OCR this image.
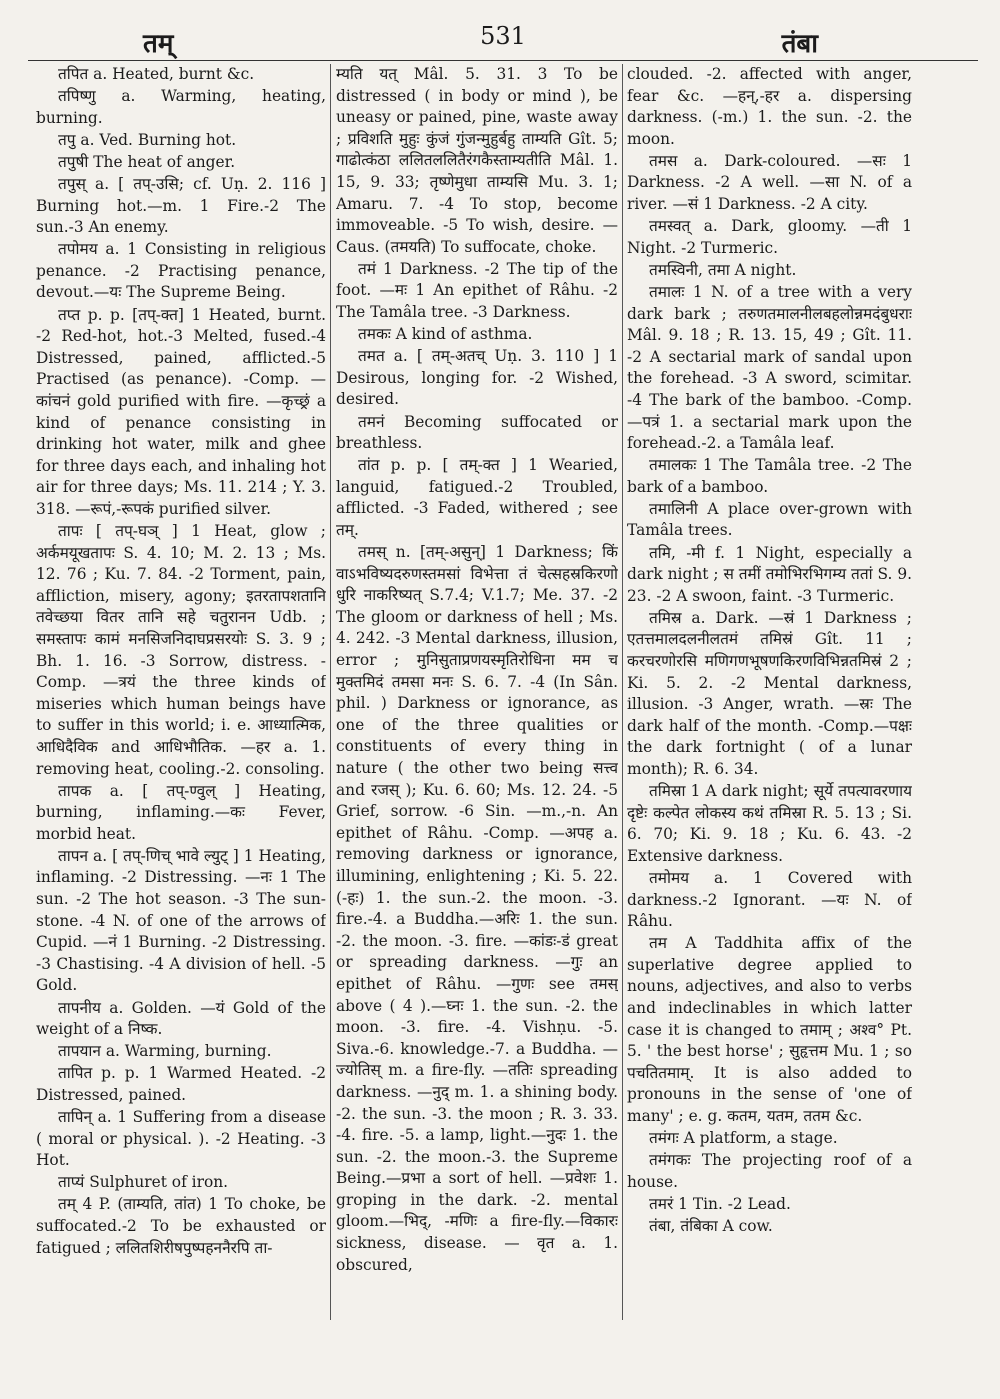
तम्	531	तंबा

तपित a. Heated, burnt &c.

तपिष्णु a. Warming, heating, burning.

तपु a. Ved. Burning hot.

तपुषी The heat of anger.

तपुस् a. [ तप्-उसि; cf. Uṇ. 2. 116 ] Burning hot.—m. 1 Fire.-2 The sun.-3 An enemy.

तपोमय a. 1 Consisting in religious penance. -2 Practising penance, devout.—यः The Supreme Being.

तप्त p. p. [तप्-क्त] 1 Heated, burnt. -2 Red-hot, hot.-3 Melted, fused.-4 Distressed, pained, afflicted.-5 Practised (as penance). -Comp. —कांचनं gold purified with fire. —कृच्छ्रं a kind of penance consisting in drinking hot water, milk and ghee for three days each, and inhaling hot air for three days; Ms. 11. 214 ; Y. 3. 318. —रूपं,-रूपकं purified silver.

तापः [ तप्-घञ् ] 1 Heat, glow ; अर्कमयूखतापः S. 4. 10; M. 2. 13 ; Ms. 12. 76 ; Ku. 7. 84. -2 Torment, pain, affliction, misery, agony; इतरतापशतानि तवेच्छया वितर तानि सहे चतुरानन Udb. ; समस्तापः कामं मनसिजनिदाघप्रसरयोः S. 3. 9 ; Bh. 1. 16. -3 Sorrow, distress. -Comp. —त्रयं the three kinds of miseries which human beings have to suffer in this world; i. e. आध्यात्मिक, आधिदैविक and आधिभौतिक. —हर a. 1. removing heat, cooling.-2. consoling.

तापक a. [ तप्-ण्वुल् ] Heating, burning, inflaming.—कः Fever, morbid heat.

तापन a. [ तप्-णिच् भावे ल्युट् ] 1 Heating, inflaming. -2 Distressing. —नः 1 The sun. -2 The hot season. -3 The sun-stone. -4 N. of one of the arrows of Cupid. —नं 1 Burning. -2 Distressing. -3 Chastising. -4 A division of hell. -5 Gold.

तापनीय a. Golden. —यं Gold of the weight of a निष्क.

तापयान a. Warming, burning.

तापित p. p. 1 Warmed Heated. -2 Distressed, pained.

तापिन् a. 1 Suffering from a disease ( moral or physical. ). -2 Heating. -3 Hot.

ताप्यं Sulphuret of iron.

तम् 4 P. (ताम्यति, तांत) 1 To choke, be suffocated.-2 To be exhausted or fatigued ; ललितशिरीषपुष्पहननैरपि ता-

म्यति यत् Mâl. 5. 31. 3 To be distressed ( in body or mind ), be uneasy or pained, pine, waste away ; प्रविशति मुहुः कुंजं गुंजन्मुहुर्बहु ताम्यति Gît. 5; गाढोत्कंठा ललितललितैरंगकैस्ताम्यतीति Mâl. 1. 15, 9. 33; तृष्णेमुधा ताम्यसि Mu. 3. 1; Amaru. 7. -4 To stop, become immoveable. -5 To wish, desire. — Caus. (तमयति) To suffocate, choke.

तमं 1 Darkness. -2 The tip of the foot. —मः 1 An epithet of Râhu. -2 The Tamâla tree. -3 Darkness.

तमकः A kind of asthma.

तमत a. [ तम्-अतच् Uṇ. 3. 110 ] 1 Desirous, longing for. -2 Wished, desired.

तमनं Becoming suffocated or breathless.

तांत p. p. [ तम्-क्त ] 1 Wearied, languid, fatigued.-2 Troubled, afflicted. -3 Faded, withered ; see तम्.

तमस् n. [तम्-असुन्] 1 Darkness; किं वाऽभविष्यदरुणस्तमसां विभेत्ता तं चेत्सहस्रकिरणो धुरि नाकरिष्यत् S.7.4; V.1.7; Me. 37. -2 The gloom or darkness of hell ; Ms. 4. 242. -3 Mental darkness, illusion, error ; मुनिसुताप्रणयस्मृतिरोधिना मम च मुक्तमिदं तमसा मनः S. 6. 7. -4 (In Sân. phil. ) Darkness or ignorance, as one of the three qualities or constituents of every thing in nature ( the other two being सत्त्व and रजस् ); Ku. 6. 60; Ms. 12. 24. -5 Grief, sorrow. -6 Sin. —m.,-n. An epithet of Râhu. -Comp. —अपह a. removing darkness or ignorance, illumining, enlightening ; Ki. 5. 22. (-हः) 1. the sun.-2. the moon. -3. fire.-4. a Buddha.—अरिः 1. the sun. -2. the moon. -3. fire. —कांडः-डं great or spreading darkness. —गुः an epithet of Râhu. —गुणः see तमस् above ( 4 ).—घ्नः 1. the sun. -2. the moon. -3. fire. -4. Vishṇu. -5. Siva.-6. knowledge.-7. a Buddha. —ज्योतिस् m. a fire-fly. —ततिः spreading darkness. —नुद् m. 1. a shining body. -2. the sun. -3. the moon ; R. 3. 33. -4. fire. -5. a lamp, light.—नुदः 1. the sun. -2. the moon.-3. the Supreme Being.—प्रभा a sort of hell. —प्रवेशः 1. groping in the dark. -2. mental gloom.—भिद्, -मणिः a fire-fly.—विकारः sickness, disease. — वृत a. 1. obscured,

clouded. -2. affected with anger, fear &c. —हन्,-हर a. dispersing darkness. (-m.) 1. the sun. -2. the moon.

तमस a. Dark-coloured. —सः 1 Darkness. -2 A well. —सा N. of a river. —सं 1 Darkness. -2 A city.

तमस्वत् a. Dark, gloomy. —ती 1 Night. -2 Turmeric.

तमस्विनी, तमा A night.

तमालः 1 N. of a tree with a very dark bark ; तरुणतमालनीलबहलोन्नमदंबुधराः Mâl. 9. 18 ; R. 13. 15, 49 ; Gît. 11. -2 A sectarial mark of sandal upon the forehead. -3 A sword, scimitar. -4 The bark of the bamboo. -Comp. —पत्रं 1. a sectarial mark upon the forehead.-2. a Tamâla leaf.

तमालकः 1 The Tamâla tree. -2 The bark of a bamboo.

तमालिनी A place over-grown with Tamâla trees.

तमि, -मी f. 1 Night, especially a dark night ; स तमीं तमोभिरभिगम्य ततां S. 9. 23. -2 A swoon, faint. -3 Turmeric.

तमिस्र a. Dark. —स्रं 1 Darkness ; एतत्तमालदलनीलतमं तमिस्रं Gît. 11 ; करचरणोरसि मणिगणभूषणकिरणविभिन्नतमिस्रं 2 ; Ki. 5. 2. -2 Mental darkness, illusion. -3 Anger, wrath. —स्रः The dark half of the month. -Comp.—पक्षः the dark fortnight ( of a lunar month); R. 6. 34.

तमिस्रा 1 A dark night; सूर्ये तपत्यावरणाय दृष्टेः कल्पेत लोकस्य कथं तमिस्रा R. 5. 13 ; Si. 6. 70; Ki. 9. 18 ; Ku. 6. 43. -2 Extensive darkness.

तमोमय a. 1 Covered with darkness.-2 Ignorant. —यः N. of Râhu.

तम A Taddhita affix of the superlative degree applied to nouns, adjectives, and also to verbs and indeclinables in which latter case it is changed to तमाम् ; अश्व° Pt. 5. ' the best horse' ; सुहृत्तम Mu. 1 ; so पचतितमाम्. It is also added to pronouns in the sense of 'one of many' ; e. g. कतम, यतम, ततम &c.

तमंगः A platform, a stage.

तमंगकः The projecting roof of a house.

तमरं 1 Tin. -2 Lead.

तंबा, तंबिका A cow.
